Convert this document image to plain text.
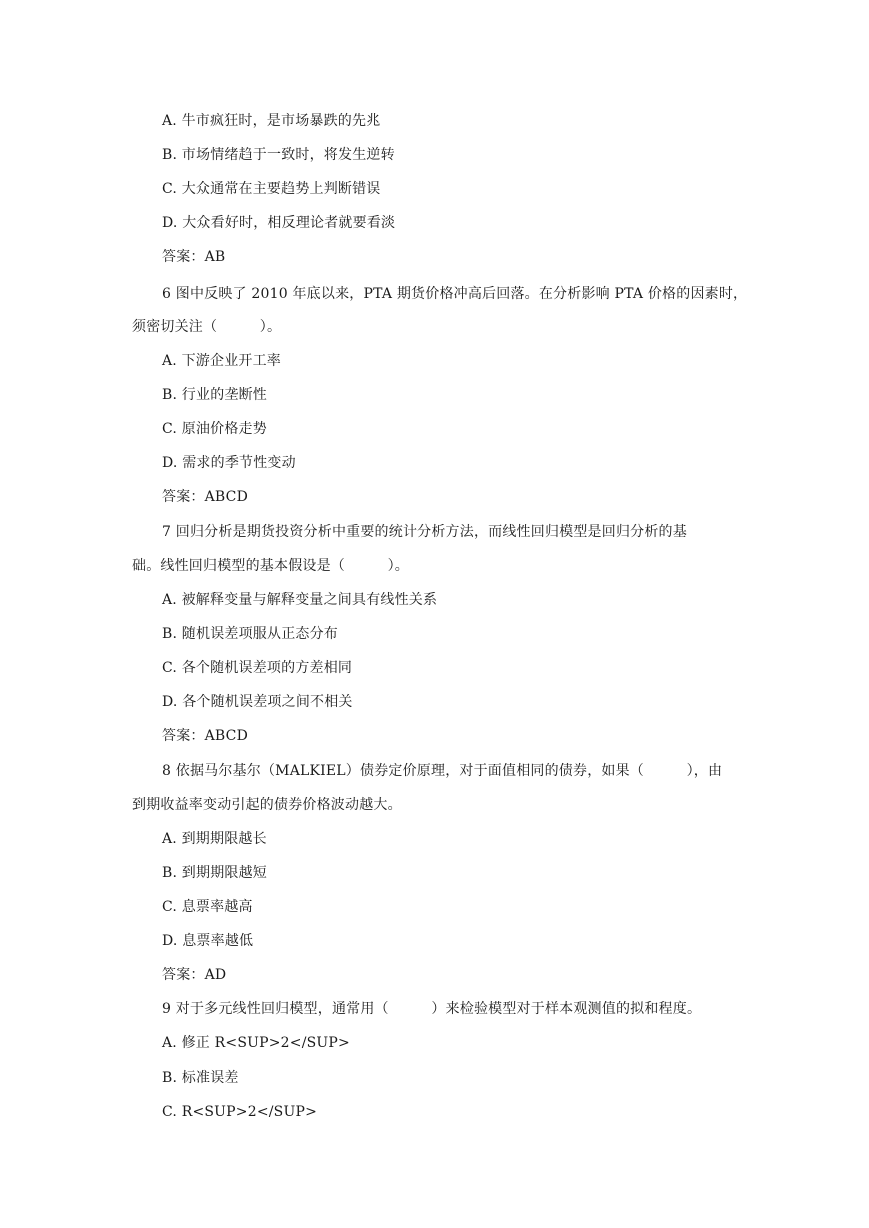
A. 牛市疯狂时，是市场暴跌的先兆
B. 市场情绪趋于一致时，将发生逆转
C. 大众通常在主要趋势上判断错误
D. 大众看好时，相反理论者就要看淡
答案：AB
6 图中反映了 2010 年底以来，PTA 期货价格冲高后回落。在分析影响 PTA 价格的因素时，
须密切关注（　　　）。
A. 下游企业开工率
B. 行业的垄断性
C. 原油价格走势
D. 需求的季节性变动
答案：ABCD
7 回归分析是期货投资分析中重要的统计分析方法，而线性回归模型是回归分析的基
础。线性回归模型的基本假设是（　　　）。
A. 被解释变量与解释变量之间具有线性关系
B. 随机误差项服从正态分布
C. 各个随机误差项的方差相同
D. 各个随机误差项之间不相关
答案：ABCD
8 依据马尔基尔（MALKIEL）债券定价原理，对于面值相同的债券，如果（　　　），由
到期收益率变动引起的债券价格波动越大。
A. 到期期限越长
B. 到期期限越短
C. 息票率越高
D. 息票率越低
答案：AD
9 对于多元线性回归模型，通常用（　　　）来检验模型对于样本观测值的拟和程度。
A. 修正 R<SUP>2</SUP>
B. 标准误差
C. R<SUP>2</SUP>
